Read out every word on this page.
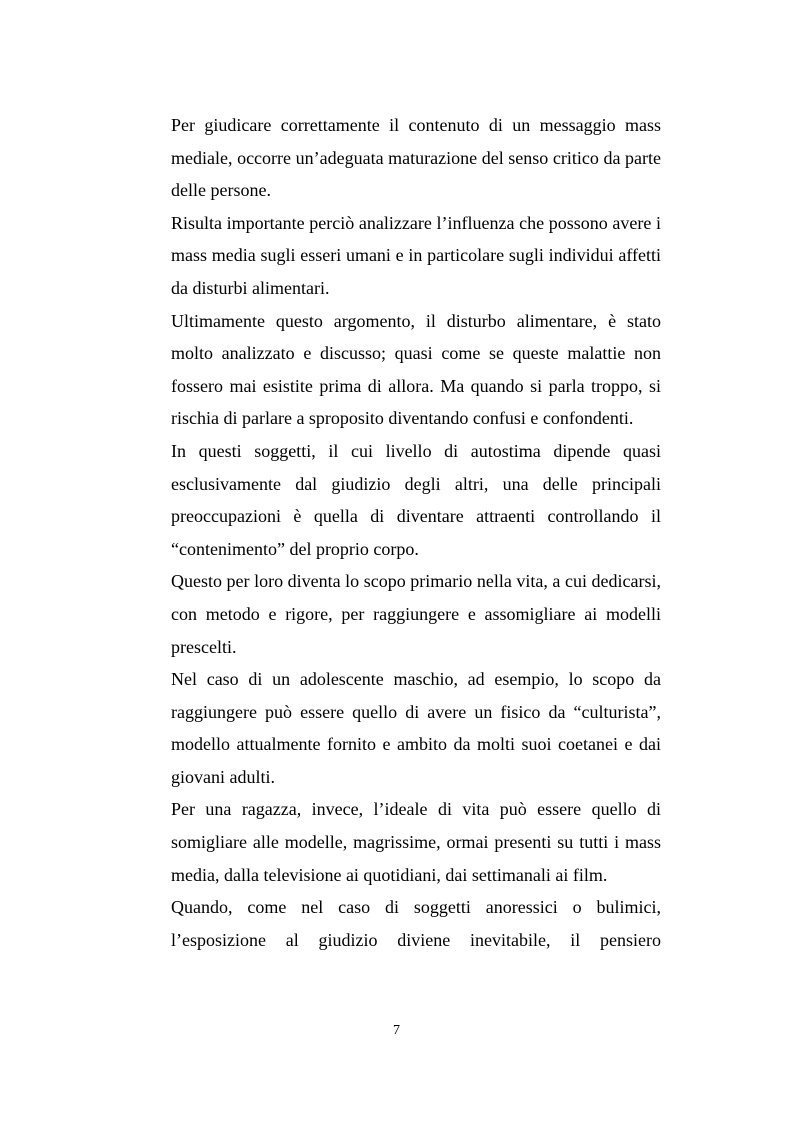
Per giudicare correttamente il contenuto di un messaggio mass mediale, occorre un’adeguata maturazione del senso critico da parte delle persone.

Risulta importante perciò analizzare l’influenza che possono avere i mass media sugli esseri umani e in particolare sugli individui affetti da disturbi alimentari.

Ultimamente questo argomento, il disturbo alimentare, è stato molto analizzato e discusso; quasi come se queste malattie non fossero mai esistite prima di allora. Ma quando si parla troppo, si rischia di parlare a sproposito diventando confusi e confondenti.

In questi soggetti, il cui livello di autostima dipende quasi esclusivamente dal giudizio degli altri, una delle principali preoccupazioni è quella di diventare attraenti controllando il “contenimento” del proprio corpo.

Questo per loro diventa lo scopo primario nella vita, a cui dedicarsi, con metodo e rigore, per raggiungere e assomigliare ai modelli prescelti.

Nel caso di un adolescente maschio, ad esempio, lo scopo da raggiungere può essere quello di avere un fisico da “culturista”, modello attualmente fornito e ambito da molti suoi coetanei e dai giovani adulti.

Per una ragazza, invece, l’ideale di vita può essere quello di somigliare alle modelle, magrissime, ormai presenti su tutti i mass media, dalla televisione ai quotidiani, dai settimanali ai film.

Quando, come nel caso di soggetti anoressici o bulimici, l’esposizione al giudizio diviene inevitabile, il pensiero

7
